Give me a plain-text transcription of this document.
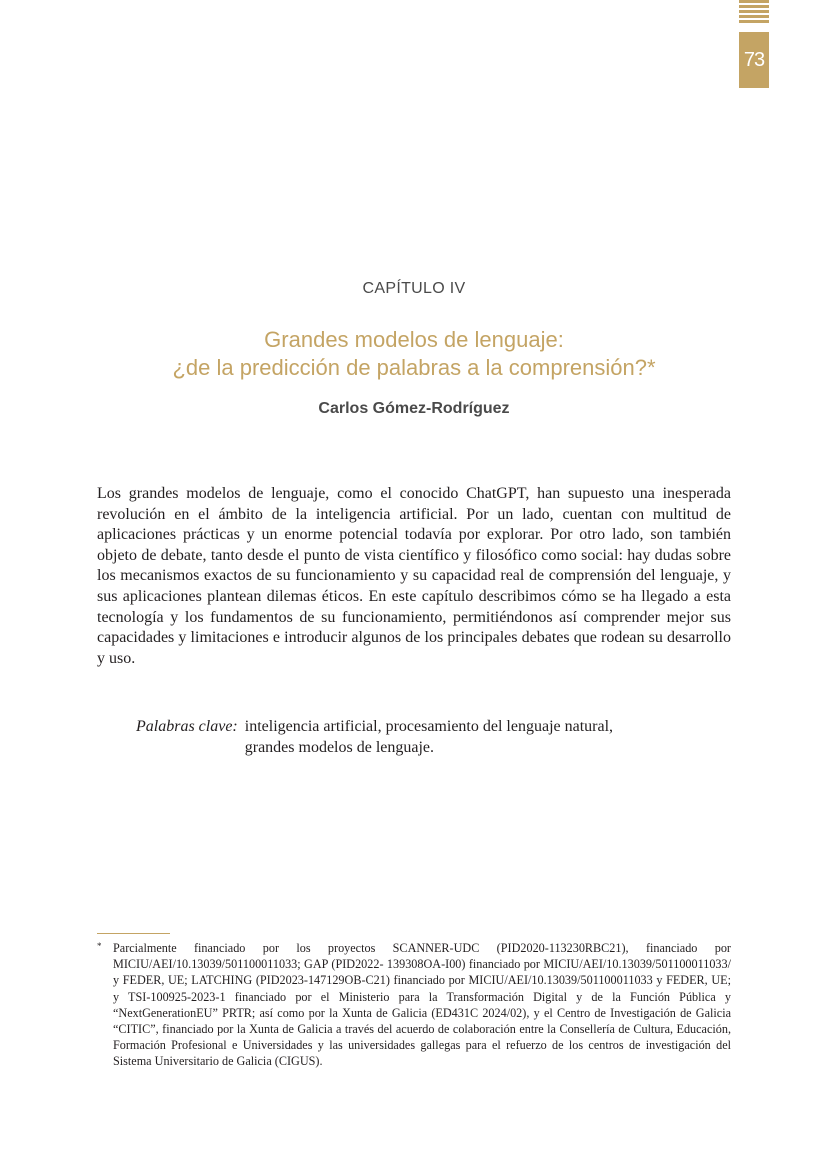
73
CAPÍTULO IV
Grandes modelos de lenguaje:
¿de la predicción de palabras a la comprensión?*
Carlos Gómez-Rodríguez

Los grandes modelos de lenguaje, como el conocido ChatGPT, han supuesto una inesperada revolución en el ámbito de la inteligencia artificial. Por un lado, cuentan con multitud de aplicaciones prácticas y un enorme potencial todavía por explorar. Por otro lado, son también objeto de debate, tanto desde el punto de vista científico y filosófico como social: hay dudas sobre los mecanismos exactos de su funcionamiento y su capacidad real de comprensión del lenguaje, y sus aplicaciones plantean dilemas éticos. En este capítulo describimos cómo se ha llegado a esta tecnología y los fundamentos de su funcionamiento, permitiéndonos así comprender mejor sus capacidades y limitaciones e introducir algunos de los principales debates que rodean su desarrollo y uso.

Palabras clave: inteligencia artificial, procesamiento del lenguaje natural,
grandes modelos de lenguaje.
* Parcialmente financiado por los proyectos SCANNER-UDC (PID2020-113230RBC21), financiado por MICIU/AEI/10.13039/501100011033; GAP (PID2022- 139308OA-I00) financiado por MICIU/AEI/10.13039/501100011033/ y FEDER, UE; LATCHING (PID2023-147129OB-C21) financiado por MICIU/AEI/10.13039/501100011033 y FEDER, UE; y TSI-100925-2023-1 financiado por el Ministerio para la Transformación Digital y de la Función Pública y “NextGenerationEU” PRTR; así como por la Xunta de Galicia (ED431C 2024/02), y el Centro de Investigación de Galicia “CITIC”, financiado por la Xunta de Galicia a través del acuerdo de colaboración entre la Consellería de Cultura, Educación, Formación Profesional e Universidades y las universidades gallegas para el refuerzo de los centros de investigación del Sistema Universitario de Galicia (CIGUS).
